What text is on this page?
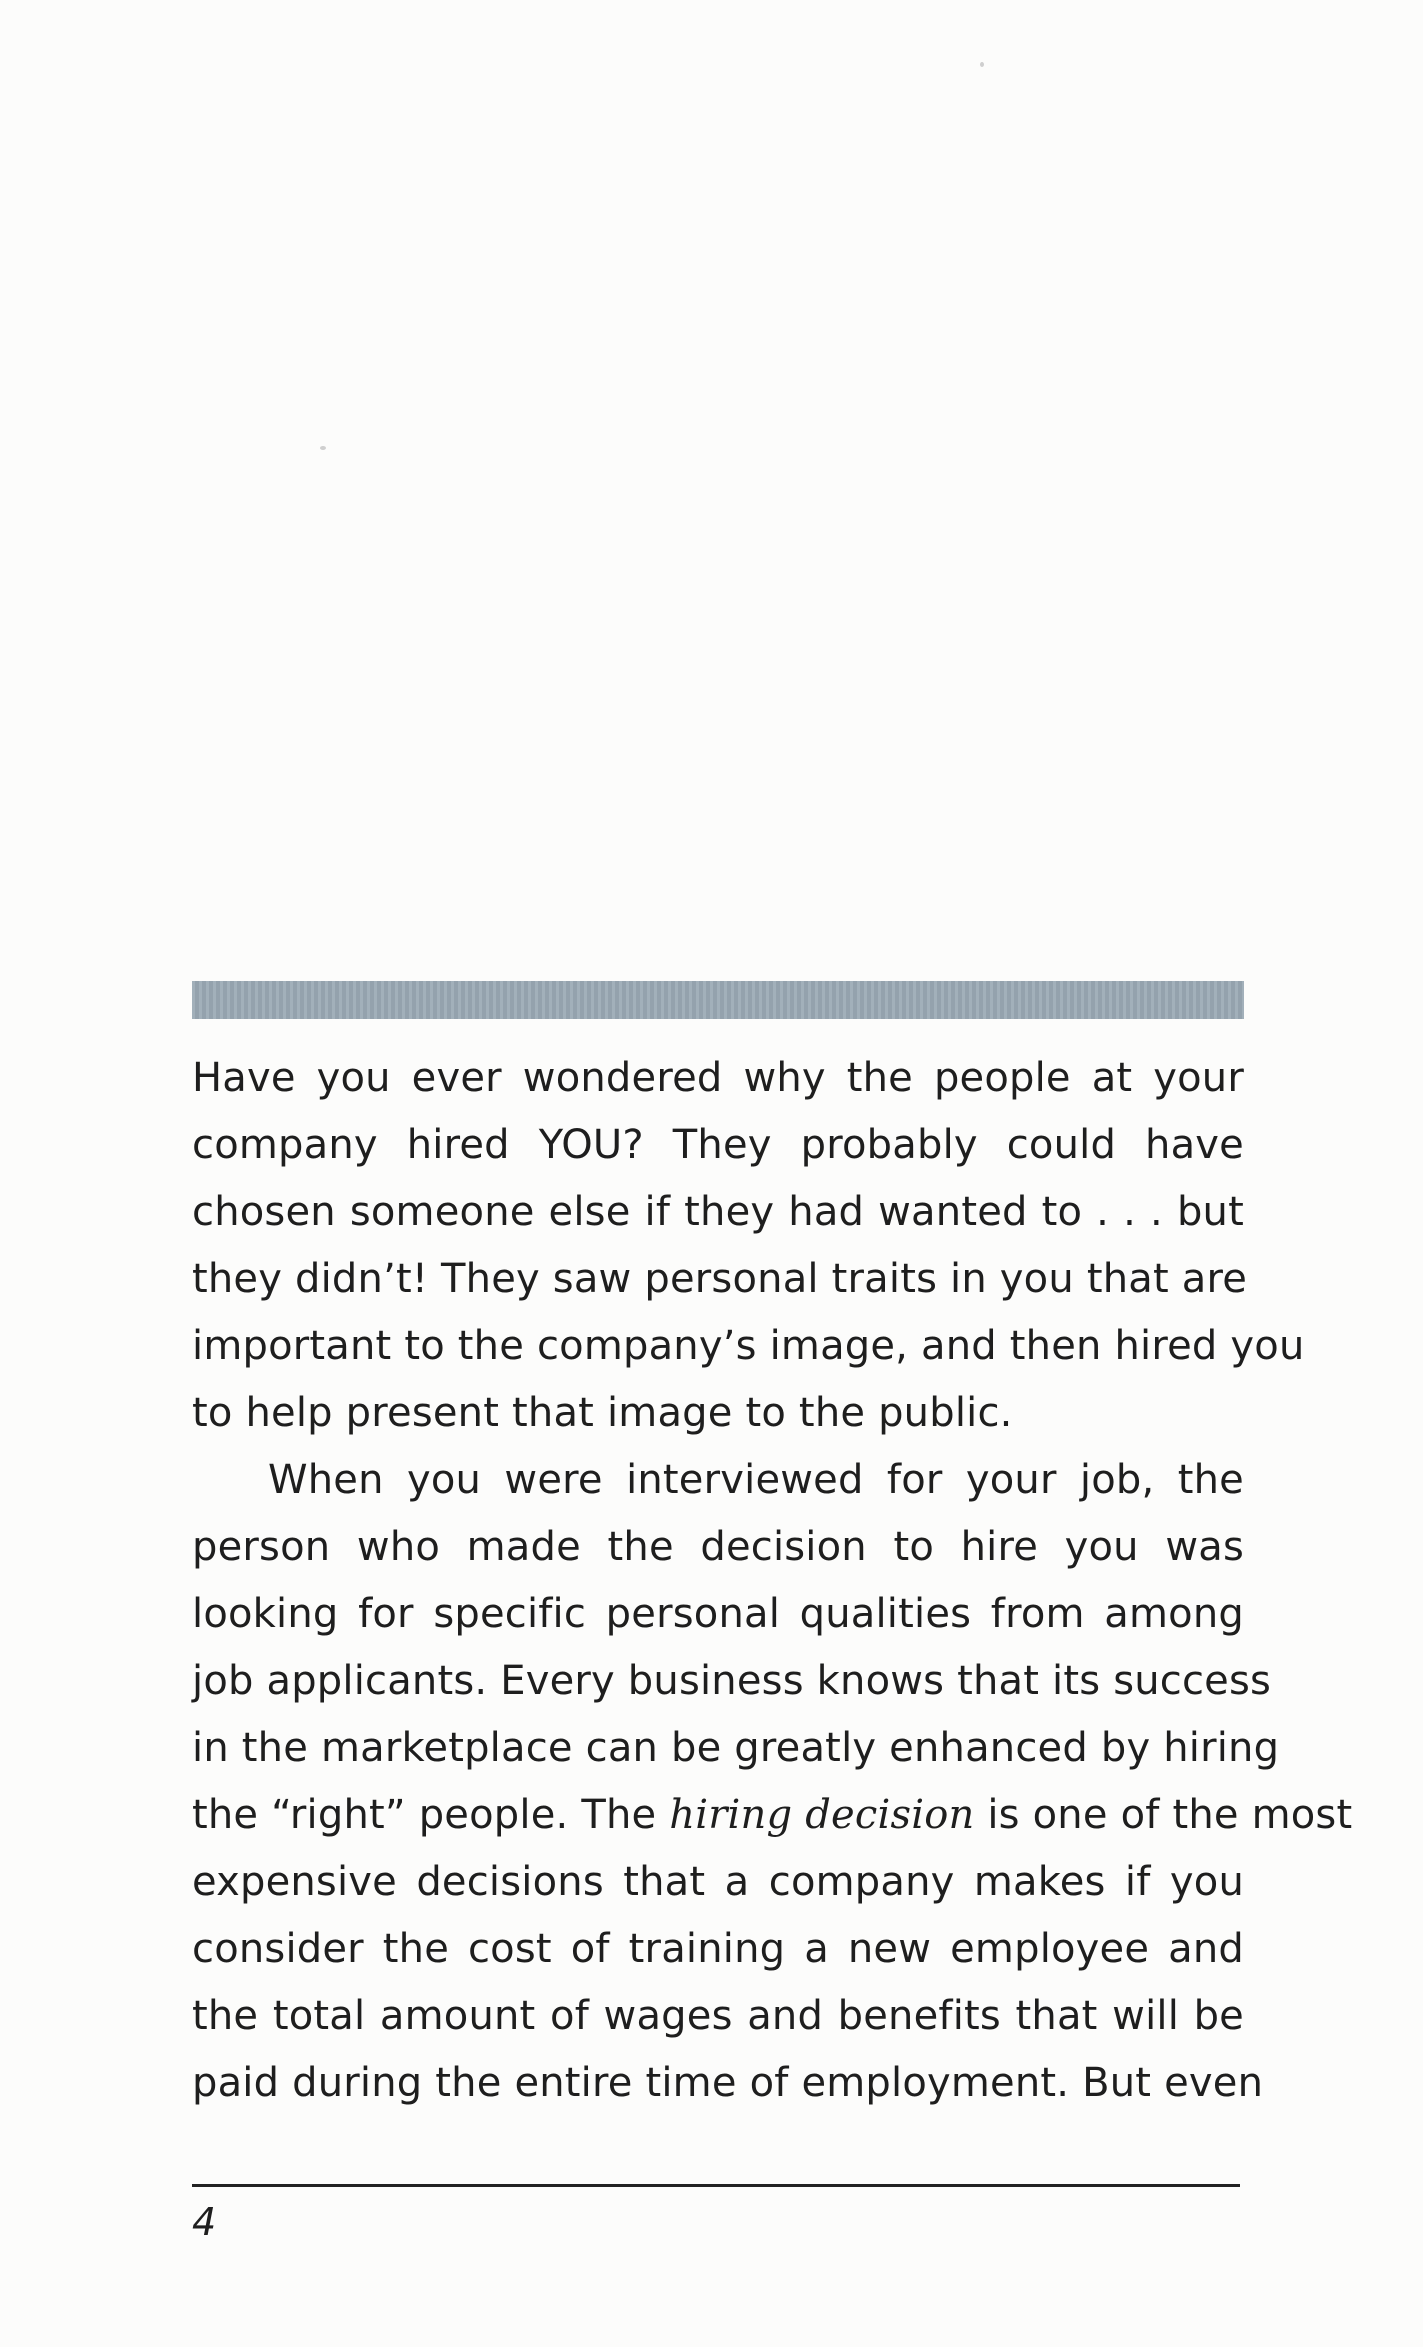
Have you ever wondered why the people at your
company hired YOU? They probably could have
chosen someone else if they had wanted to . . . but
they didn’t! They saw personal traits in you that are
important to the company’s image, and then hired you
to help present that image to the public.
When you were interviewed for your job, the
person who made the decision to hire you was
looking for specific personal qualities from among
job applicants. Every business knows that its success
in the marketplace can be greatly enhanced by hiring
the “right” people. The hiring decision is one of the most
expensive decisions that a company makes if you
consider the cost of training a new employee and
the total amount of wages and benefits that will be
paid during the entire time of employment. But even
4
